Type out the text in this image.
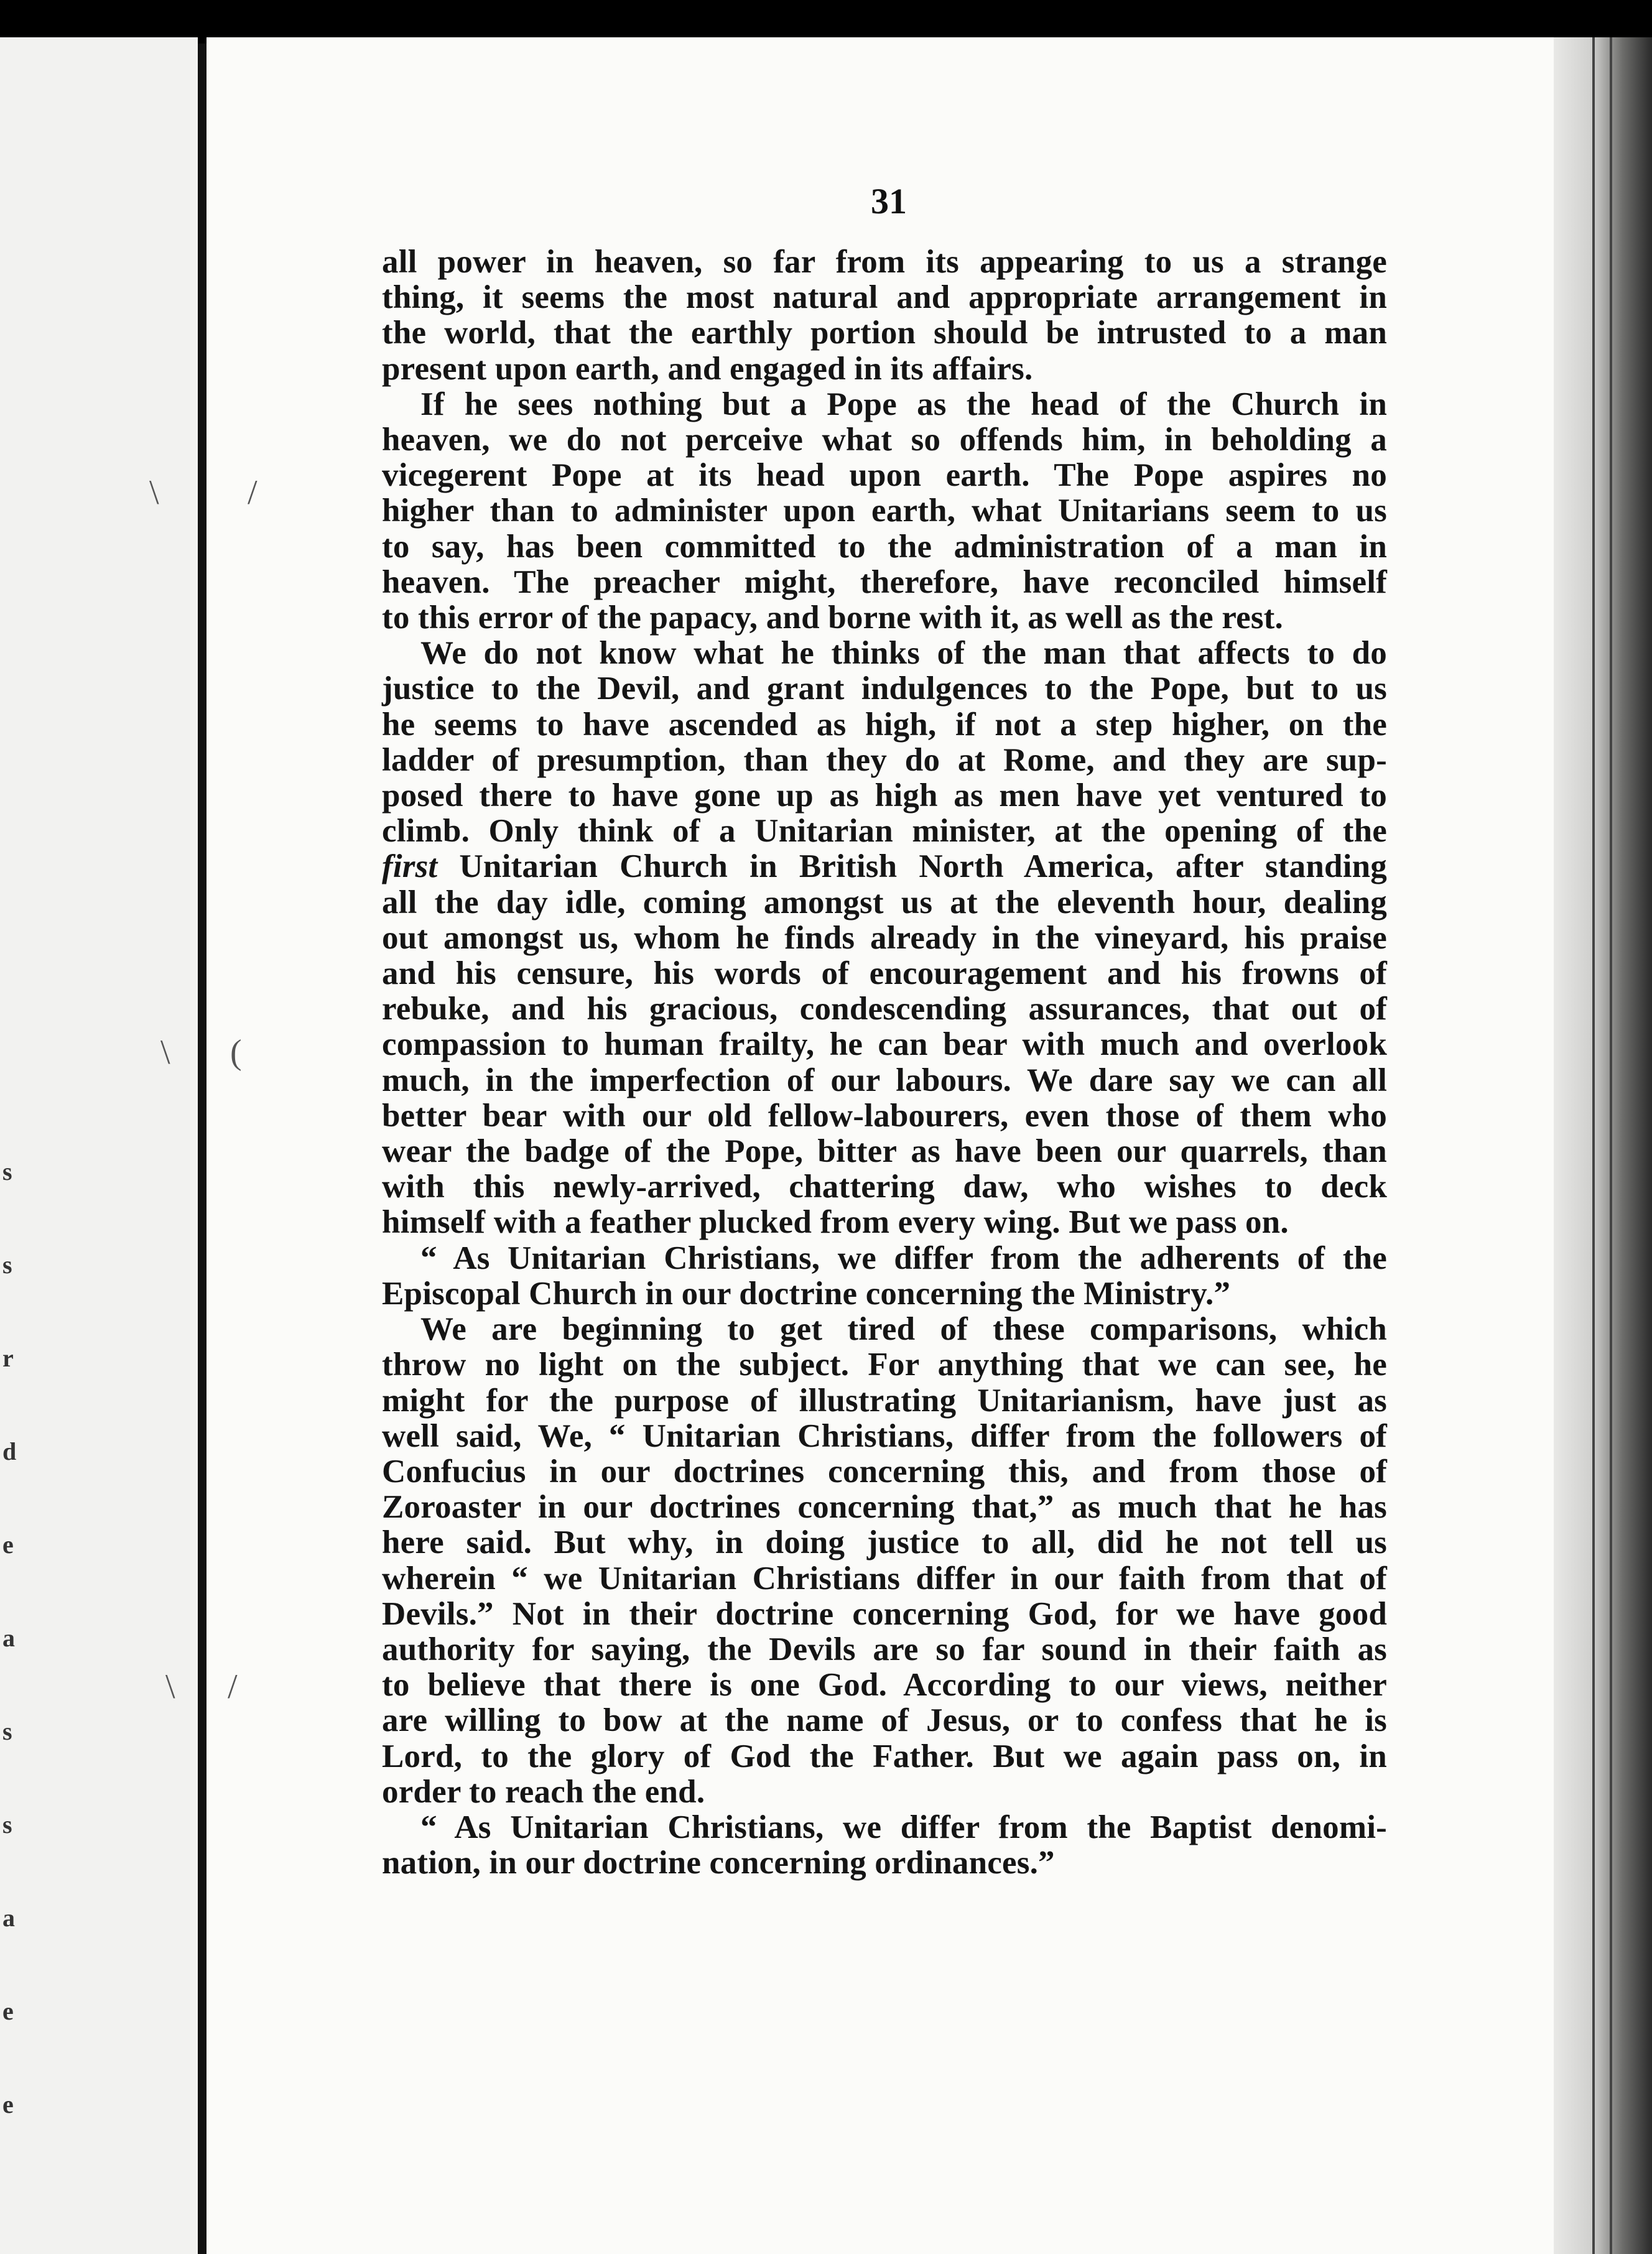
s
s
r
d
e
a
s
s
a
e
e
\	/
\ (
\ /
31
all power in heaven, so far from its appearing to us a strange
thing, it seems the most natural and appropriate arrangement in
the world, that the earthly portion should be intrusted to a man
present upon earth, and engaged in its affairs.
If he sees nothing but a Pope as the head of the Church in
heaven, we do not perceive what so offends him, in beholding a
vicegerent Pope at its head upon earth. The Pope aspires no
higher than to administer upon earth, what Unitarians seem to us
to say, has been committed to the administration of a man in
heaven. The preacher might, therefore, have reconciled himself
to this error of the papacy, and borne with it, as well as the rest.
We do not know what he thinks of the man that affects to do
justice to the Devil, and grant indulgences to the Pope, but to us
he seems to have ascended as high, if not a step higher, on the
ladder of presumption, than they do at Rome, and they are sup-
posed there to have gone up as high as men have yet ventured to
climb. Only think of a Unitarian minister, at the opening of the
first Unitarian Church in British North America, after standing
all the day idle, coming amongst us at the eleventh hour, dealing
out amongst us, whom he finds already in the vineyard, his praise
and his censure, his words of encouragement and his frowns of
rebuke, and his gracious, condescending assurances, that out of
compassion to human frailty, he can bear with much and overlook
much, in the imperfection of our labours. We dare say we can all
better bear with our old fellow-labourers, even those of them who
wear the badge of the Pope, bitter as have been our quarrels, than
with this newly-arrived, chattering daw, who wishes to deck
himself with a feather plucked from every wing. But we pass on.
“ As Unitarian Christians, we differ from the adherents of the
Episcopal Church in our doctrine concerning the Ministry.”
We are beginning to get tired of these comparisons, which
throw no light on the subject. For anything that we can see, he
might for the purpose of illustrating Unitarianism, have just as
well said, We, “ Unitarian Christians, differ from the followers of
Confucius in our doctrines concerning this, and from those of
Zoroaster in our doctrines concerning that,” as much that he has
here said. But why, in doing justice to all, did he not tell us
wherein “ we Unitarian Christians differ in our faith from that of
Devils.” Not in their doctrine concerning God, for we have good
authority for saying, the Devils are so far sound in their faith as
to believe that there is one God. According to our views, neither
are willing to bow at the name of Jesus, or to confess that he is
Lord, to the glory of God the Father. But we again pass on, in
order to reach the end.
“ As Unitarian Christians, we differ from the Baptist denomi-
nation, in our doctrine concerning ordinances.”
